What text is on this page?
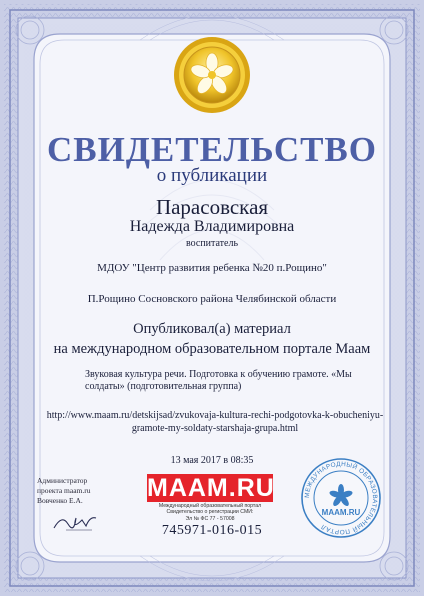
СВИДЕТЕЛЬСТВО
о публикации
Парасовская
Надежда Владимировна
воспитатель
МДОУ "Центр развития ребенка №20 п.Рощино"
П.Рощино Сосновского района Челябинской области
Опубликовал(а) материал
на международном образовательном портале Маам
Звуковая культура речи. Подготовка к обучению грамоте. «Мы солдаты» (подготовительная группа)
http://www.maam.ru/detskijsad/zvukovaja-kultura-rechi-podgotovka-k-obucheniyu-gramote-my-soldaty-starshaja-grupa.html
13 мая 2017 в 08:35
Администратор
проекта maam.ru
Вовченко Е.А.	MAAM.RU
Международный образовательный портал
Свидетельство о регистрации СМИ:
Эл № ФС 77 - 57008
745971-016-015
МЕЖДУНАРОДНЫЙ ОБРАЗОВАТЕЛЬНЫЙ ПОРТАЛ
MAAM.RU
